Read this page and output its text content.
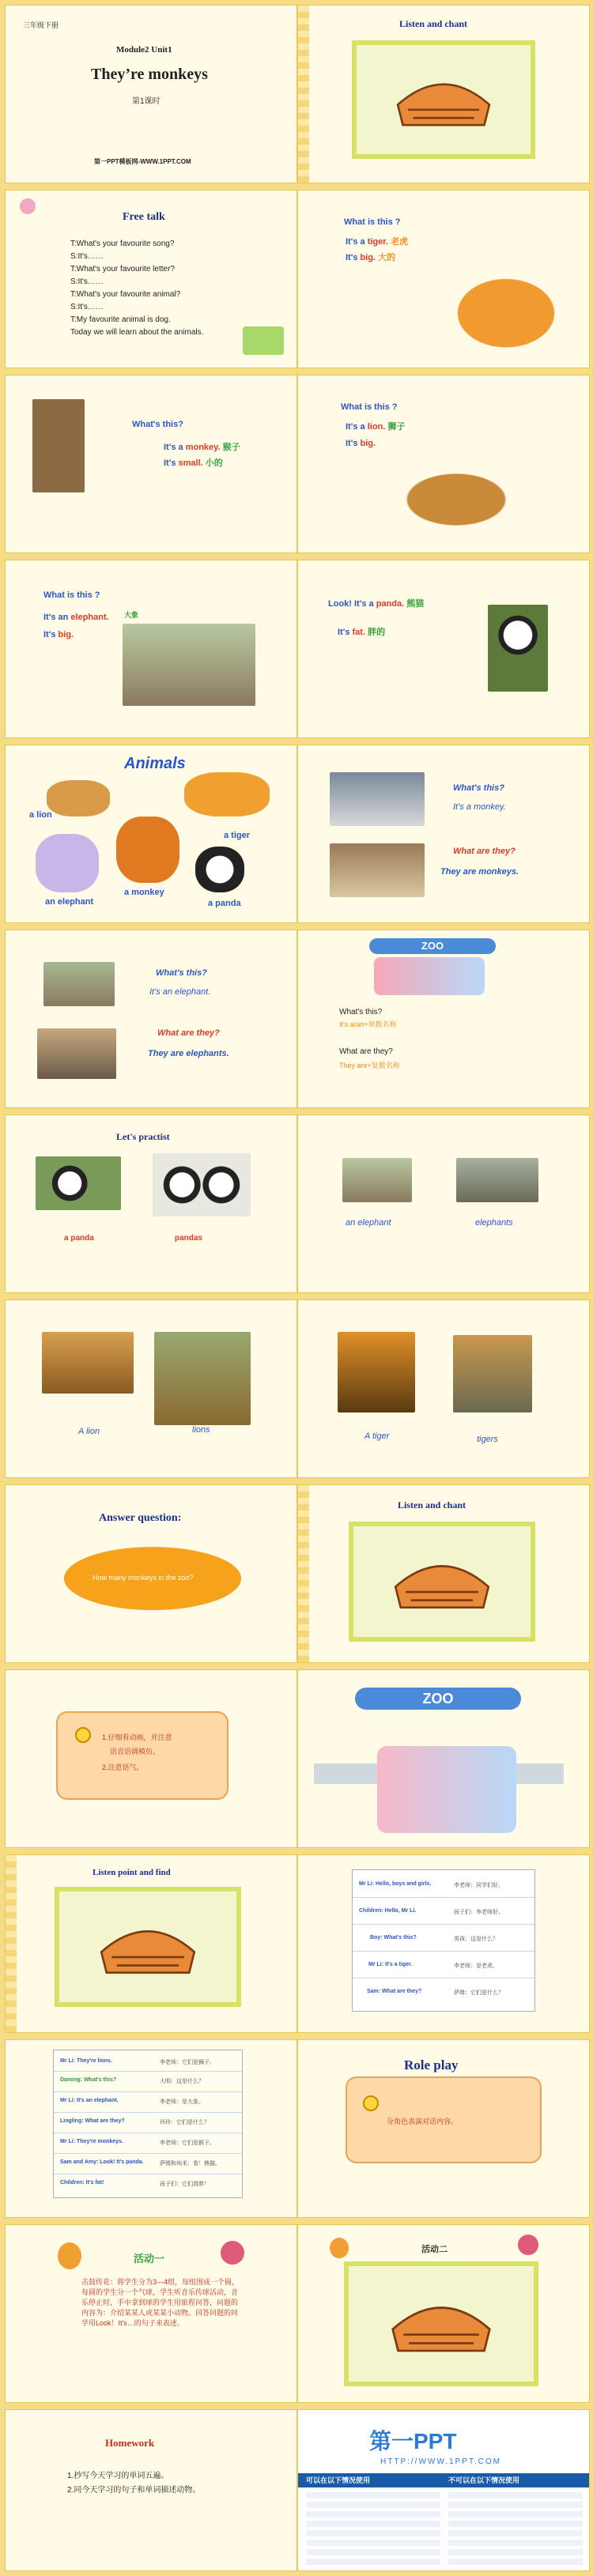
三年级下册
Module2 Unit1
They’re monkeys
第1课时
第一PPT模板网-WWW.1PPT.COM
Listen and chant
Free talk
T:What's your favourite song?
S:It's……
T:What's your favourite letter?
S:It's……
T:What's your favourite animal?
S:It's……
T:My favourite animal is dog.
Today we will learn about the animals.
What is this ?
It's a tiger. 老虎
It's big. 大的
What's this?
It's a monkey. 猴子
It's small. 小的
What is this ?
It's a lion. 狮子
It's big.
What is this ?
It's an elephant. 大象
It's big.
Look! It's a panda. 熊猫
It's fat. 胖的
Animals
a lion
a tiger
a monkey
an elephant	a panda
What's this?
It's a monkey.
What are they?
They are monkeys.
What's this?
It's an elephant.
What are they?
They are elephants.
ZOO
What's this?
It's a/an+单数名称
What are they?
They are+复数名称
Let's practist
a panda	pandas
an elephant	elephants
A lion	lions
A tiger	tigers
Answer question:
How many monkeys in the zoo?
Listen and chant
1.仔细看动画，并注意
语音语调模仿。
2.注意语气。
ZOO
Listen point and find
Mr Li: Hello, boys and girls.	李老师：同学们好。
Children: Hello, Mr Li.	孩子们：李老师好。
Boy: What's this?	男孩：这是什么？
Mr Li: It's a tiger.	李老师：是老虎。
Sam: What are they?	萨姆：它们是什么？
Mr Li: They're lions.	李老师：它们是狮子。
Daming: What's this?	大明：这是什么？
Mr Li: It's an elephant.	李老师：是大象。
Lingling: What are they?	玲玲：它们是什么？
Mr Li: They're monkeys.	李老师：它们是猴子。
Sam and Amy: Look! It's panda.	萨姆和埃米：看！熊猫。
Children: It's fat!	孩子们：它们真胖！
Role play
分角色表演对话内容。
活动一
击鼓传花：将学生分为3—4组，每组围成一个圆，每圆的学生分一个气球，学生听音乐传球活动，音乐停止时，手中拿到球的学生用旅程问答，问题的内容为：介绍某某人或某某小动物。回答问题的同学用Look！It's…的句子来表述。
活动二
Homework
1.抄写今天学习的单词五遍。
2.同今天学习的句子和单词描述动物。
第一PPT
HTTP://WWW.1PPT.COM
可以在以下情况使用	不可以在以下情况使用
